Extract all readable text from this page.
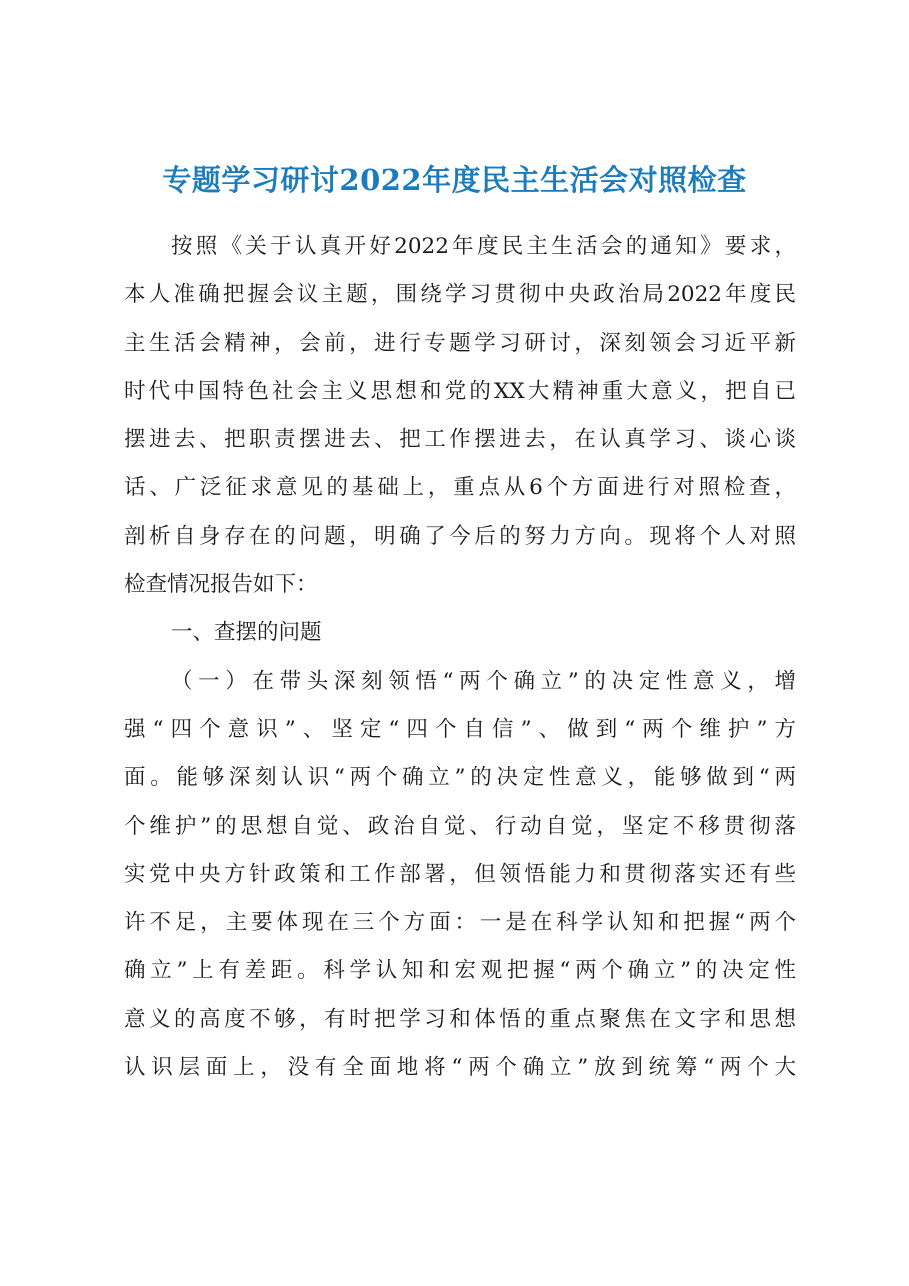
专题学习研讨2022年度民主生活会对照检查
按照《关于认真开好2022年度民主生活会的通知》要求，
本人准确把握会议主题，围绕学习贯彻中央政治局2022年度民
主生活会精神，会前，进行专题学习研讨，深刻领会习近平新
时代中国特色社会主义思想和党的XX大精神重大意义，把自已
摆进去、把职责摆进去、把工作摆进去，在认真学习、谈心谈
话、广泛征求意见的基础上，重点从6个方面进行对照检查，
剖析自身存在的问题，明确了今后的努力方向。现将个人对照
检查情况报告如下：
一、查摆的问题
（一）在带头深刻领悟“两个确立”的决定性意义，增
强“四个意识”、坚定“四个自信”、做到“两个维护”方
面。能够深刻认识“两个确立”的决定性意义，能够做到“两
个维护”的思想自觉、政治自觉、行动自觉，坚定不移贯彻落
实党中央方针政策和工作部署，但领悟能力和贯彻落实还有些
许不足，主要体现在三个方面：一是在科学认知和把握“两个
确立”上有差距。科学认知和宏观把握“两个确立”的决定性
意义的高度不够，有时把学习和体悟的重点聚焦在文字和思想
认识层面上，没有全面地将“两个确立”放到统筹“两个大
